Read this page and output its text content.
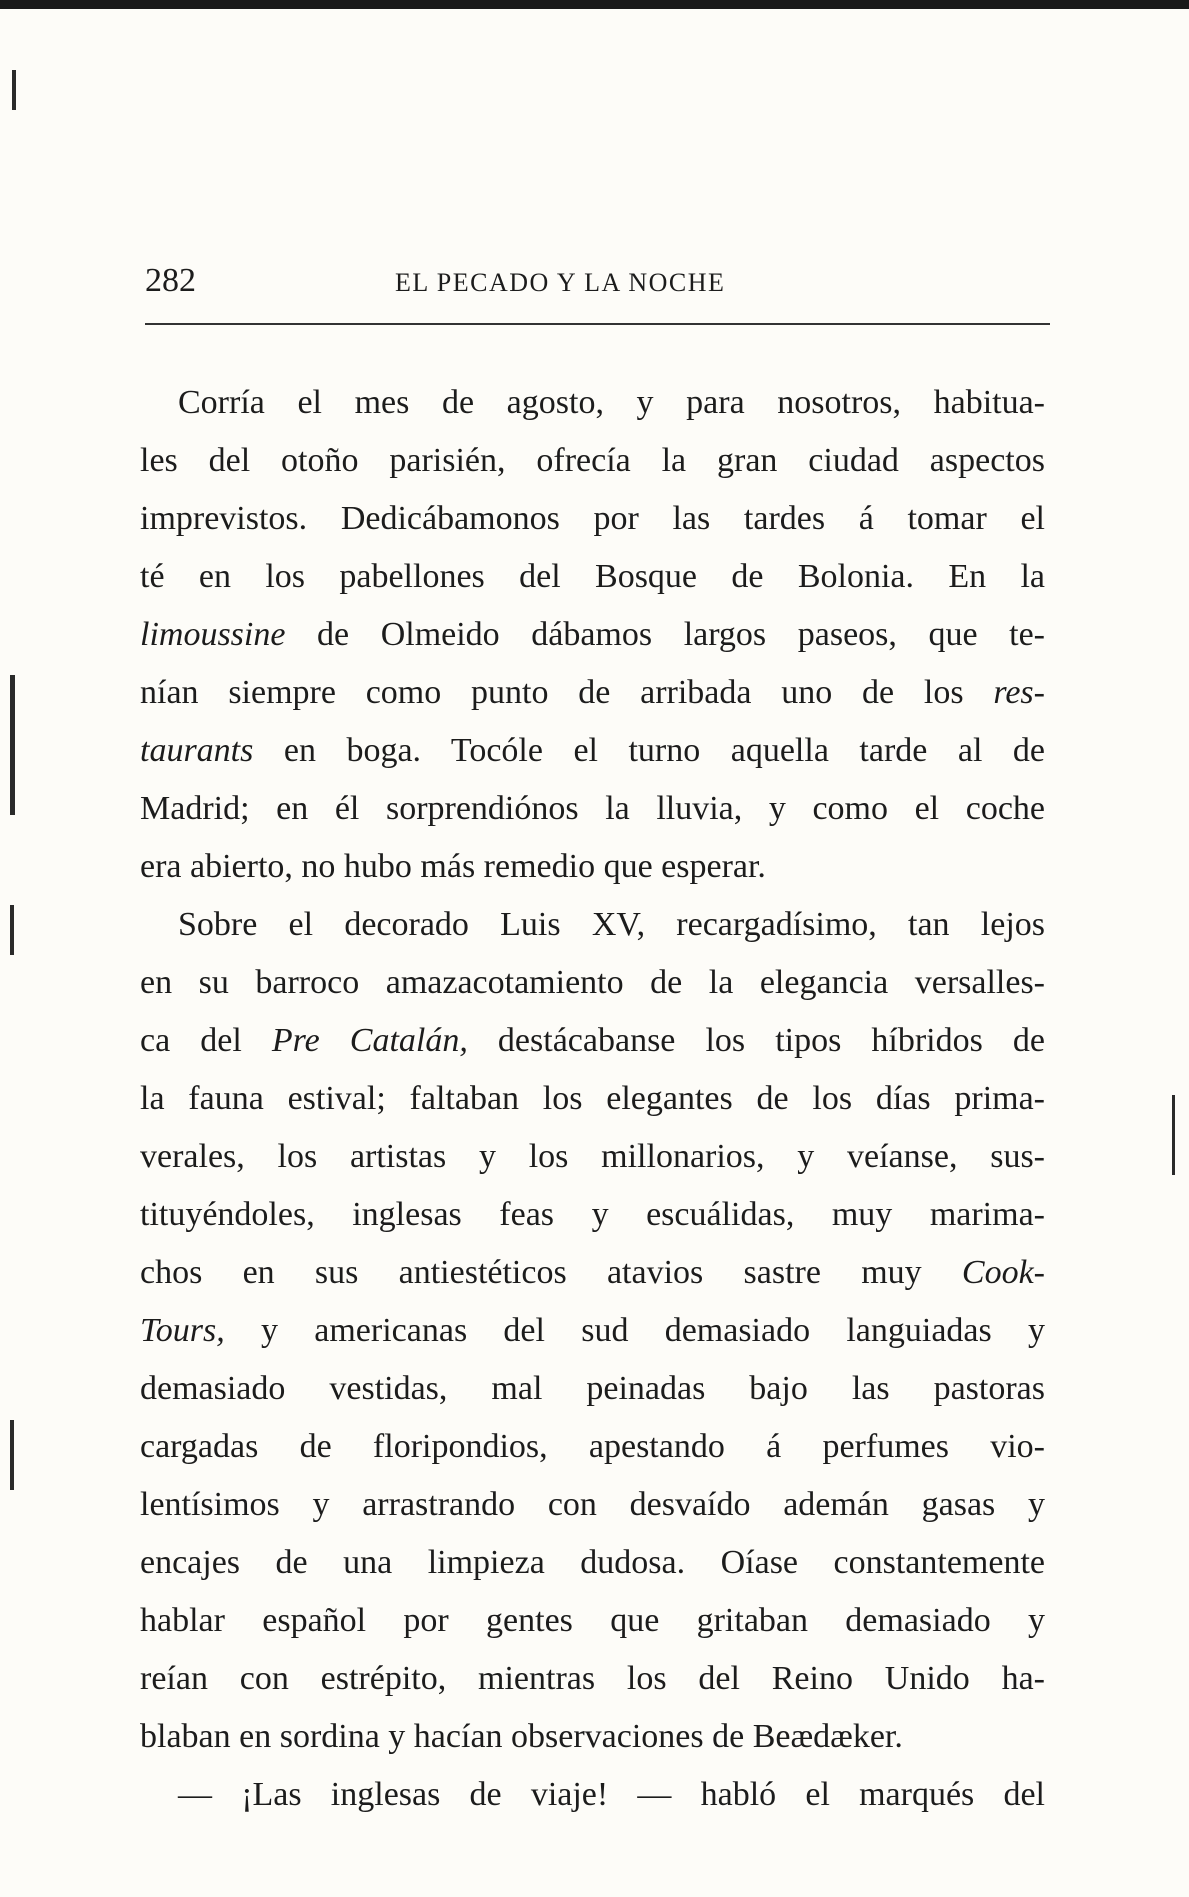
282	EL PECADO Y LA NOCHE
Corría el mes de agosto, y para nosotros, habitua-
les del otoño parisién, ofrecía la gran ciudad aspectos
imprevistos. Dedicábamonos por las tardes á tomar el
té en los pabellones del Bosque de Bolonia. En la
limoussine de Olmeido dábamos largos paseos, que te-
nían siempre como punto de arribada uno de los res-
taurants en boga. Tocóle el turno aquella tarde al de
Madrid; en él sorprendiónos la lluvia, y como el coche
era abierto, no hubo más remedio que esperar.
Sobre el decorado Luis XV, recargadísimo, tan lejos
en su barroco amazacotamiento de la elegancia versalles-
ca del Pre Catalán, destácabanse los tipos híbridos de
la fauna estival; faltaban los elegantes de los días prima-
verales, los artistas y los millonarios, y veíanse, sus-
tituyéndoles, inglesas feas y escuálidas, muy marima-
chos en sus antiestéticos atavios sastre muy Cook-
Tours, y americanas del sud demasiado languiadas y
demasiado vestidas, mal peinadas bajo las pastoras
cargadas de floripondios, apestando á perfumes vio-
lentísimos y arrastrando con desvaído ademán gasas y
encajes de una limpieza dudosa. Oíase constantemente
hablar español por gentes que gritaban demasiado y
reían con estrépito, mientras los del Reino Unido ha-
blaban en sordina y hacían observaciones de Beædæker.
— ¡Las inglesas de viaje! — habló el marqués del
